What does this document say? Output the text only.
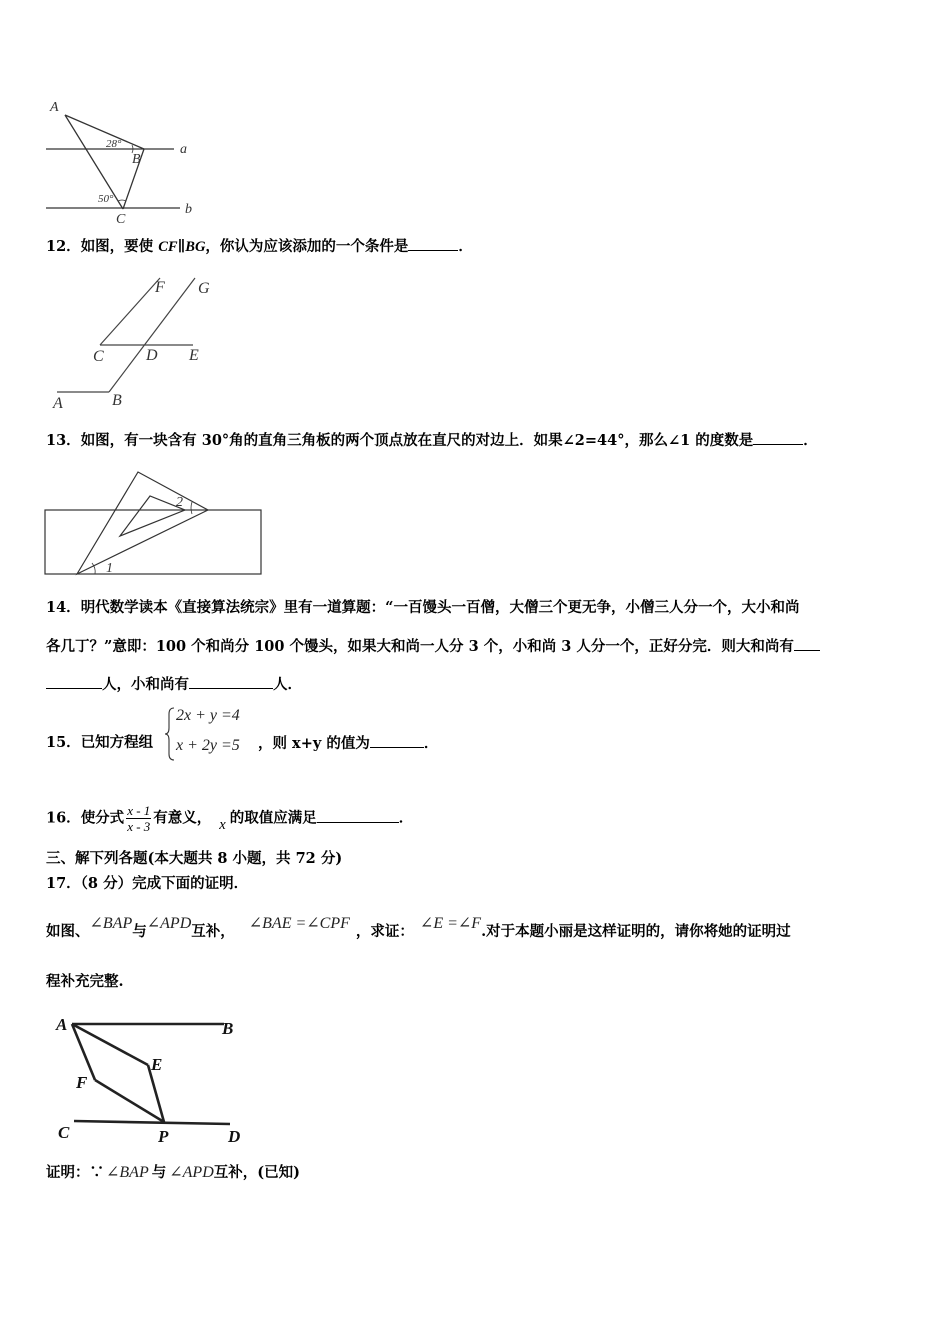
A
28°
B
a
50°
C
b
12．如图，要使 CF∥BG，你认为应该添加的一个条件是	．
F G
C	D E
A	B
13．如图，有一块含有 30°角的直角三角板的两个顶点放在直尺的对边上．如果∠2=44°，那么∠1 的度数是	．
1
2
14．明代数学读本《直接算法统宗》里有一道算题：“一百馒头一百僧，大僧三个更无争，小僧三人分一个，大小和尚
各几丁？”意即：100 个和尚分 100 个馒头，如果大和尚一人分 3 个，小和尚 3 人分一个，正好分完．则大和尚有
人，小和尚有	人．
15．已知方程组
2x + y =4
x + 2y =5 ，则 x+y 的值为	．
16．使分式 $\frac{x - 1}{x - 3}$ 有意义， x 的取值应满足	．
三、解下列各题(本大题共 8 小题，共 72 分)
17．（8 分）完成下面的证明．
如图、∠BAP与∠APD互补， ∠BAE =∠CPF ，求证： ∠E =∠F.对于本题小丽是这样证明的，请你将她的证明过
程补充完整.
A	B
E
F
C	P	D
证明：∵ ∠BAP 与 ∠APD互补，(已知)
